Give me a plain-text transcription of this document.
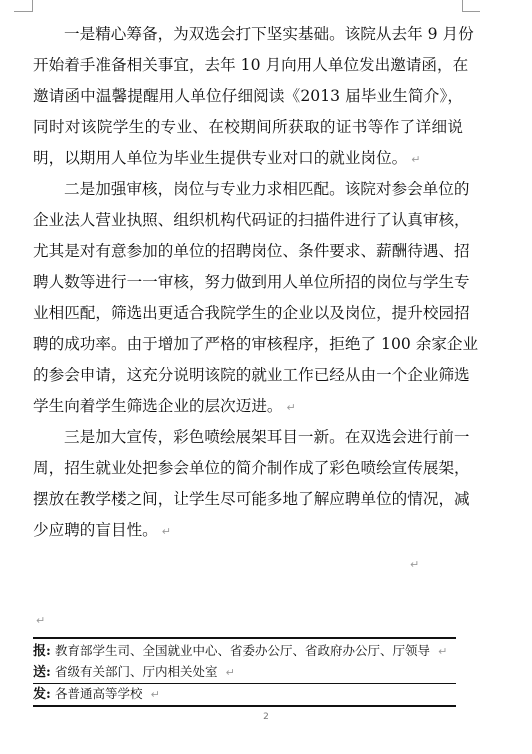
一是精心筹备，为双选会打下坚实基础。该院从去年 9 月份
开始着手准备相关事宜，去年 10 月向用人单位发出邀请函，在
邀请函中温馨提醒用人单位仔细阅读《2013 届毕业生简介》，
同时对该院学生的专业、在校期间所获取的证书等作了详细说
明，以期用人单位为毕业生提供专业对口的就业岗位。 ↵
二是加强审核，岗位与专业力求相匹配。该院对参会单位的
企业法人营业执照、组织机构代码证的扫描件进行了认真审核，
尤其是对有意参加的单位的招聘岗位、条件要求、薪酬待遇、招
聘人数等进行一一审核，努力做到用人单位所招的岗位与学生专
业相匹配，筛选出更适合我院学生的企业以及岗位，提升校园招
聘的成功率。由于增加了严格的审核程序，拒绝了 100 余家企业
的参会申请，这充分说明该院的就业工作已经从由一个企业筛选
学生向着学生筛选企业的层次迈进。 ↵
三是加大宣传，彩色喷绘展架耳目一新。在双选会进行前一
周，招生就业处把参会单位的简介制作成了彩色喷绘宣传展架，
摆放在教学楼之间，让学生尽可能多地了解应聘单位的情况，减
少应聘的盲目性。 ↵
↵
↵
报: 教育部学生司、全国就业中心、省委办公厅、省政府办公厅、厅领导 ↵
送: 省级有关部门、厅内相关处室 ↵
发: 各普通高等学校 ↵
2
